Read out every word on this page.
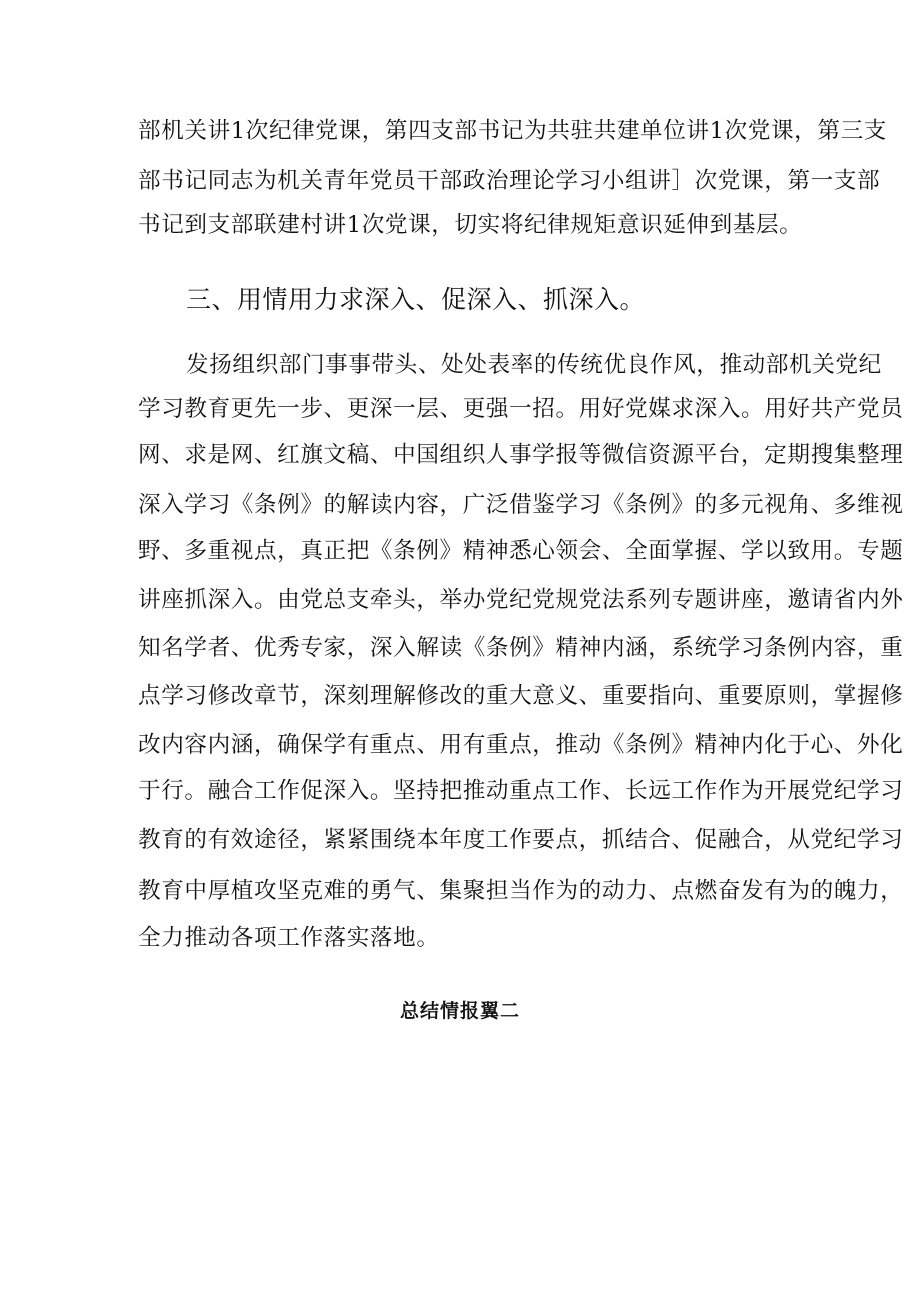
部机关讲1次纪律党课，第四支部书记为共驻共建单位讲1次党课，第三支
部书记同志为机关青年党员干部政治理论学习小组讲］次党课，第一支部
书记到支部联建村讲1次党课，切实将纪律规矩意识延伸到基层。
三、用情用力求深入、促深入、抓深入。
发扬组织部门事事带头、处处表率的传统优良作风，推动部机关党纪
学习教育更先一步、更深一层、更强一招。用好党媒求深入。用好共产党员
网、求是网、红旗文稿、中国组织人事学报等微信资源平台，定期搜集整理
深入学习《条例》的解读内容，广泛借鉴学习《条例》的多元视角、多维视
野、多重视点，真正把《条例》精神悉心领会、全面掌握、学以致用。专题
讲座抓深入。由党总支牵头，举办党纪党规党法系列专题讲座，邀请省内外
知名学者、优秀专家，深入解读《条例》精神内涵，系统学习条例内容，重
点学习修改章节，深刻理解修改的重大意义、重要指向、重要原则，掌握修
改内容内涵，确保学有重点、用有重点，推动《条例》精神内化于心、外化
于行。融合工作促深入。坚持把推动重点工作、长远工作作为开展党纪学习
教育的有效途径，紧紧围绕本年度工作要点，抓结合、促融合，从党纪学习
教育中厚植攻坚克难的勇气、集聚担当作为的动力、点燃奋发有为的魄力，
全力推动各项工作落实落地。
总结情报翼二
